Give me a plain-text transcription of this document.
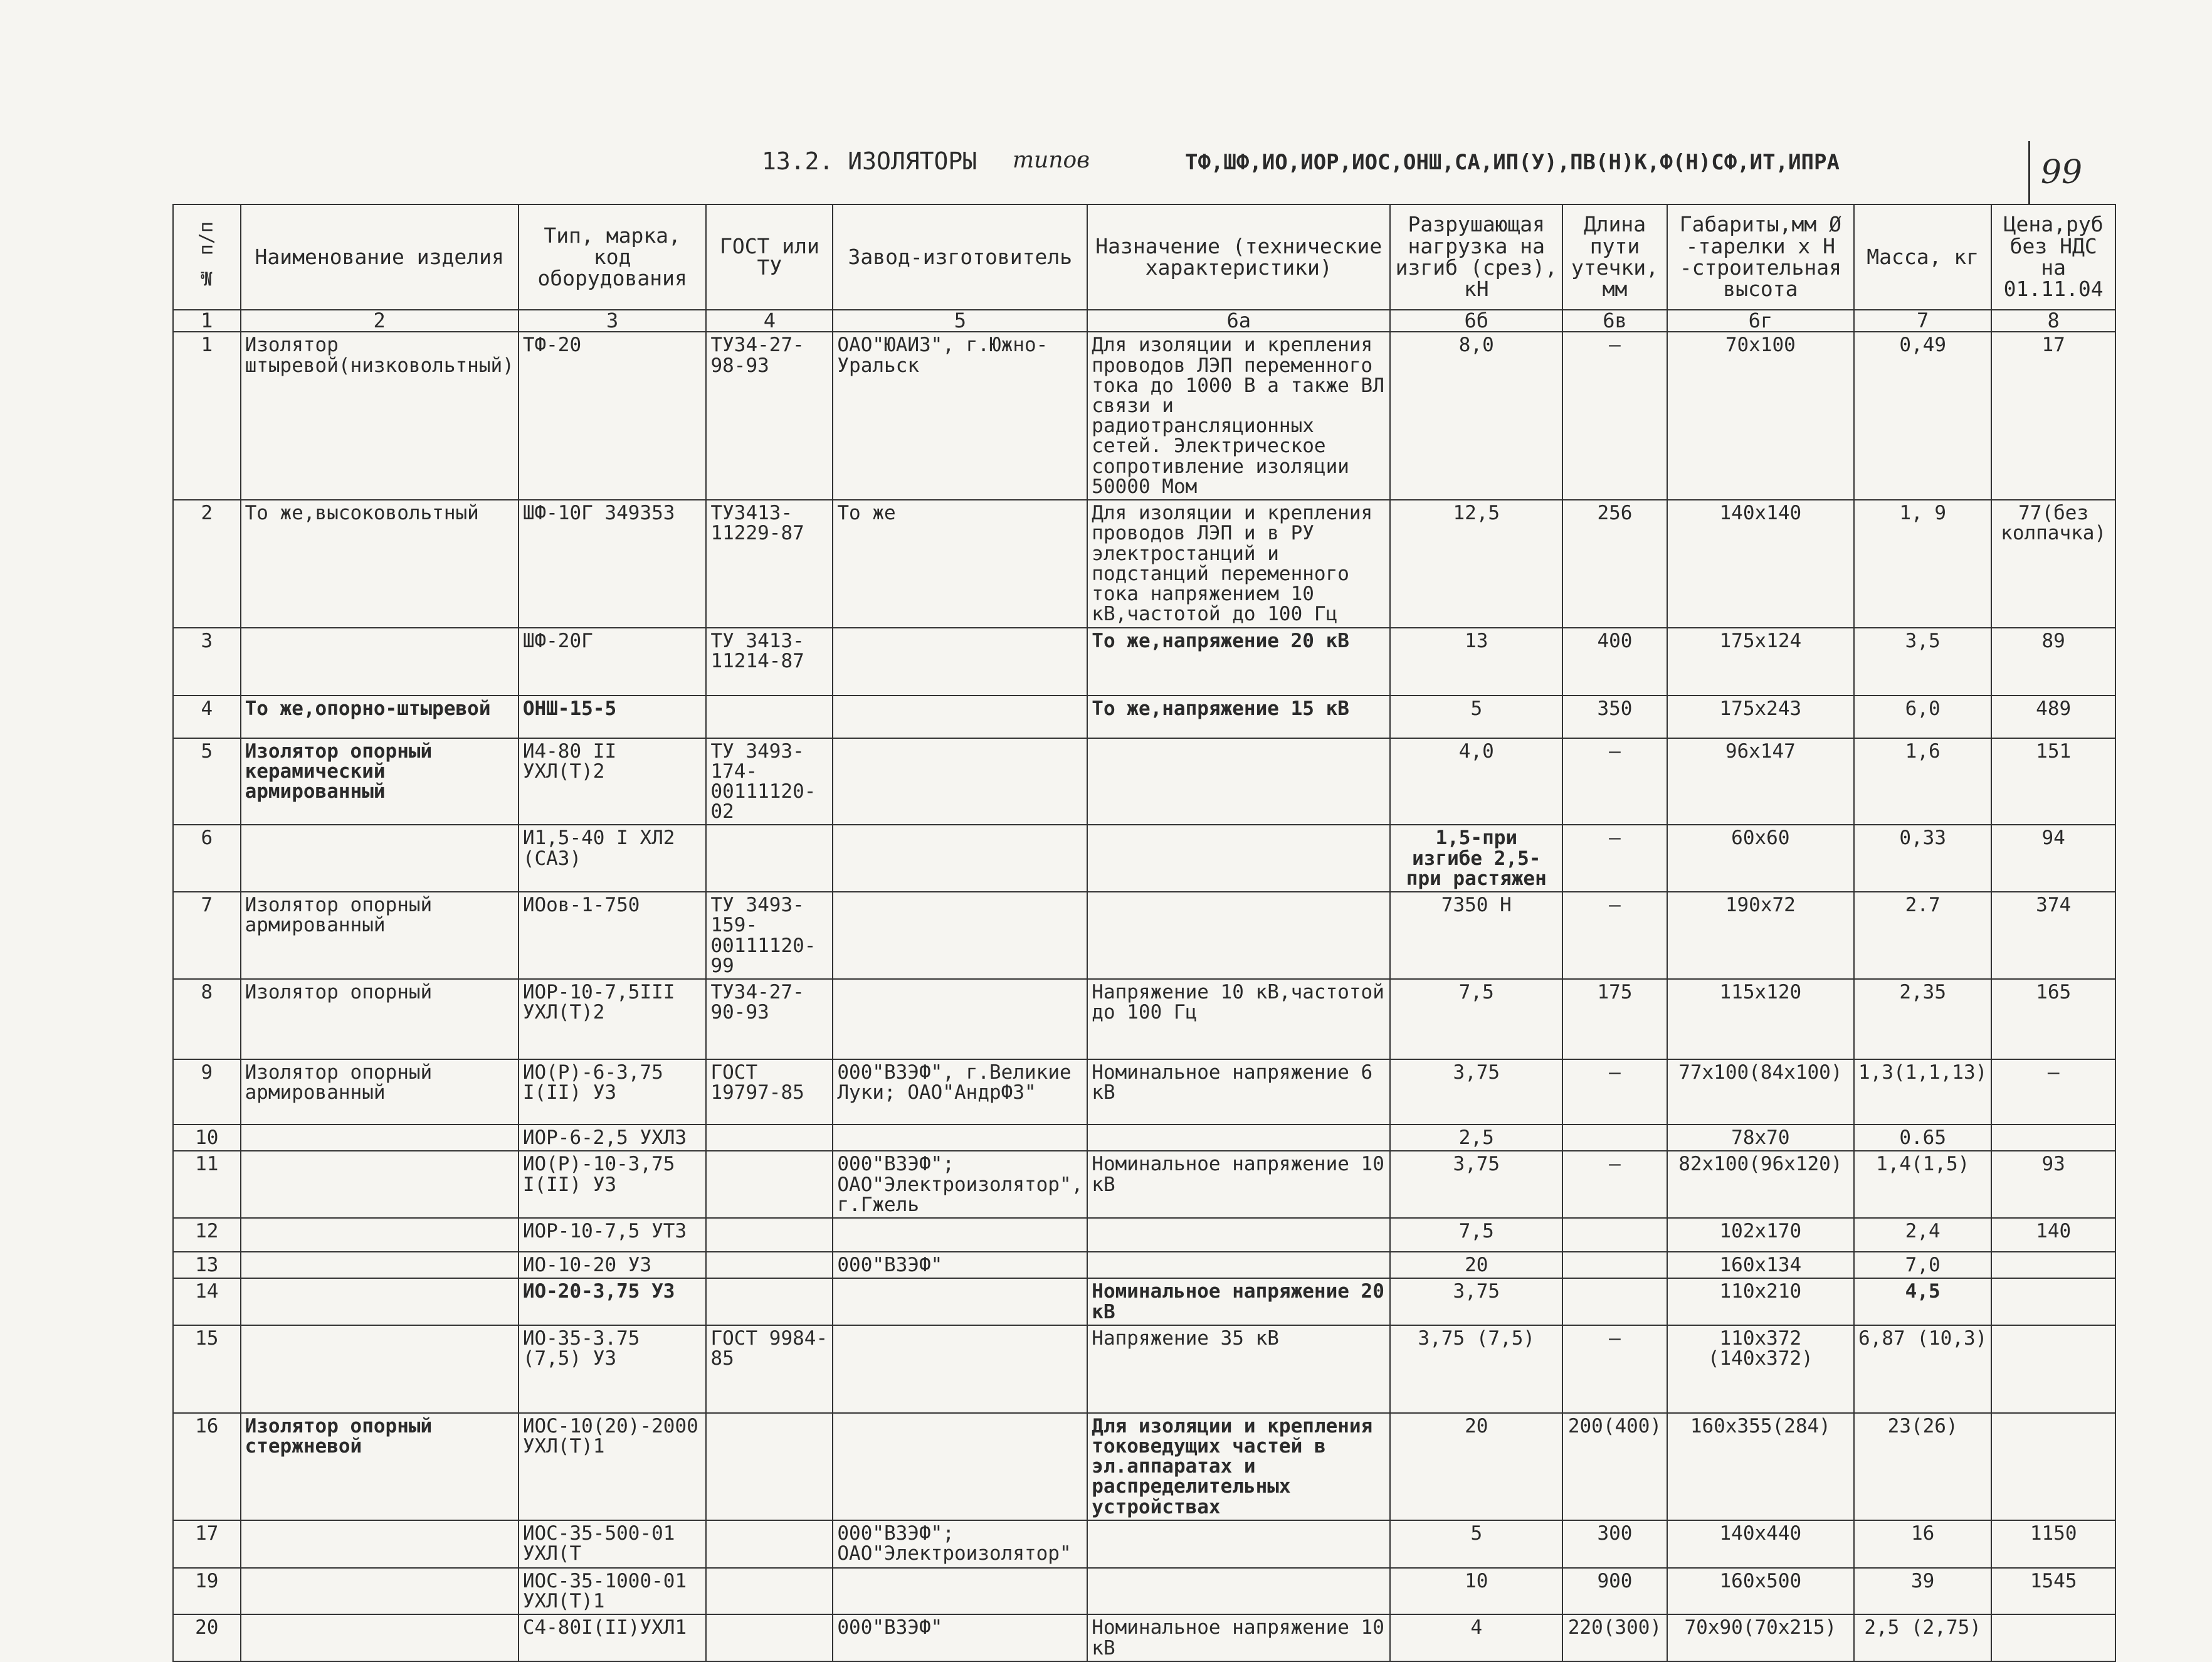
13.2. ИЗОЛЯТОРЫ типов	ТФ,ШФ,ИО,ИОР,ИОС,ОНШ,СА,ИП(У),ПВ(Н)К,Ф(Н)СФ,ИТ,ИПРА	99
№ п/п	Наименование изделия	Тип, марка, код оборудования	ГОСТ или ТУ	Завод-изготовитель	Назначение (технические характеристики)	Разрушающая нагрузка на изгиб (срез), кН	Длина пути утечки, мм	Габариты,мм Ø -тарелки х Н -строительная высота	Масса, кг	Цена,руб без НДС на 01.11.04
1	2	3	4	5	6а	6б	6в	6г	7	8
1	Изолятор штыревой(низковольтный)	ТФ-20	ТУ34-27-98-93	ОАО"ЮАИЗ", г.Южно-Уральск	Для изоляции и крепления проводов ЛЭП переменного тока до 1000 В а также ВЛ связи и радиотрансляционных сетей. Электрическое сопротивление изоляции 50000 Мом	8,0	–	70x100	0,49	17
2	То же,высоковольтный	ШФ-10Г 349353	ТУ3413-11229-87	То же	Для изоляции и крепления проводов ЛЭП и в РУ электростанций и подстанций переменного тока напряжением 10 кВ,частотой до 100 Гц	12,5	256	140x140	1, 9	77(без колпачка)
3		ШФ-20Г	ТУ 3413-11214-87		То же,напряжение 20 кВ	13	400	175x124	3,5	89
4	То же,опорно-штыревой	ОНШ-15-5			То же,напряжение 15 кВ	5	350	175x243	6,0	489
5	Изолятор опорный керамический армированный	И4-80 II УХЛ(Т)2	ТУ 3493-174-00111120-02			4,0	–	96x147	1,6	151
6		И1,5-40 I ХЛ2 (СА3)				1,5-при изгибе 2,5-при растяжен	–	60x60	0,33	94
7	Изолятор опорный армированный	ИОов-1-750	ТУ 3493-159-00111120-99			7350 Н	–	190x72	2.7	374
8	Изолятор опорный	ИОР-10-7,5III УХЛ(Т)2	ТУ34-27-90-93		Напряжение 10 кВ,частотой до 100 Гц	7,5	175	115x120	2,35	165
9	Изолятор опорный армированный	ИО(Р)-6-3,75 I(II) УЗ	ГОСТ 19797-85	000"ВЗЭФ", г.Великие Луки; ОАО"АндрФЗ"	Номинальное напряжение 6 кВ	3,75	–	77x100(84x100)	1,3(1,1,13)	–
10		ИОР-6-2,5 УХЛ3				2,5		78x70	0.65	
11		ИО(Р)-10-3,75 I(II) УЗ		000"ВЗЭФ"; ОАО"Электроизолятор", г.Гжель	Номинальное напряжение 10 кВ	3,75	–	82x100(96x120)	1,4(1,5)	93
12		ИОР-10-7,5 УТ3				7,5		102x170	2,4	140
13		ИО-10-20 УЗ		000"ВЗЭФ"		20		160x134	7,0	
14		ИО-20-3,75 УЗ			Номинальное напряжение 20 кВ	3,75		110x210	4,5	
15		ИО-35-3.75 (7,5) УЗ	ГОСТ 9984-85		Напряжение 35 кВ	3,75 (7,5)	–	110x372 (140x372)	6,87 (10,3)	
16	Изолятор опорный стержневой	ИОС-10(20)-2000 УХЛ(Т)1			Для изоляции и крепления токоведущих частей в эл.аппаратах и распределительных устройствах	20	200(400)	160x355(284)	23(26)	
17		ИОС-35-500-01 УХЛ(Т		000"ВЗЭФ"; ОАО"Электроизолятор"		5	300	140x440	16	1150
19		ИОС-35-1000-01 УХЛ(Т)1				10	900	160x500	39	1545
20		С4-80I(II)УХЛ1		000"ВЗЭФ"	Номинальное напряжение 10 кВ	4	220(300)	70x90(70x215)	2,5 (2,75)	
